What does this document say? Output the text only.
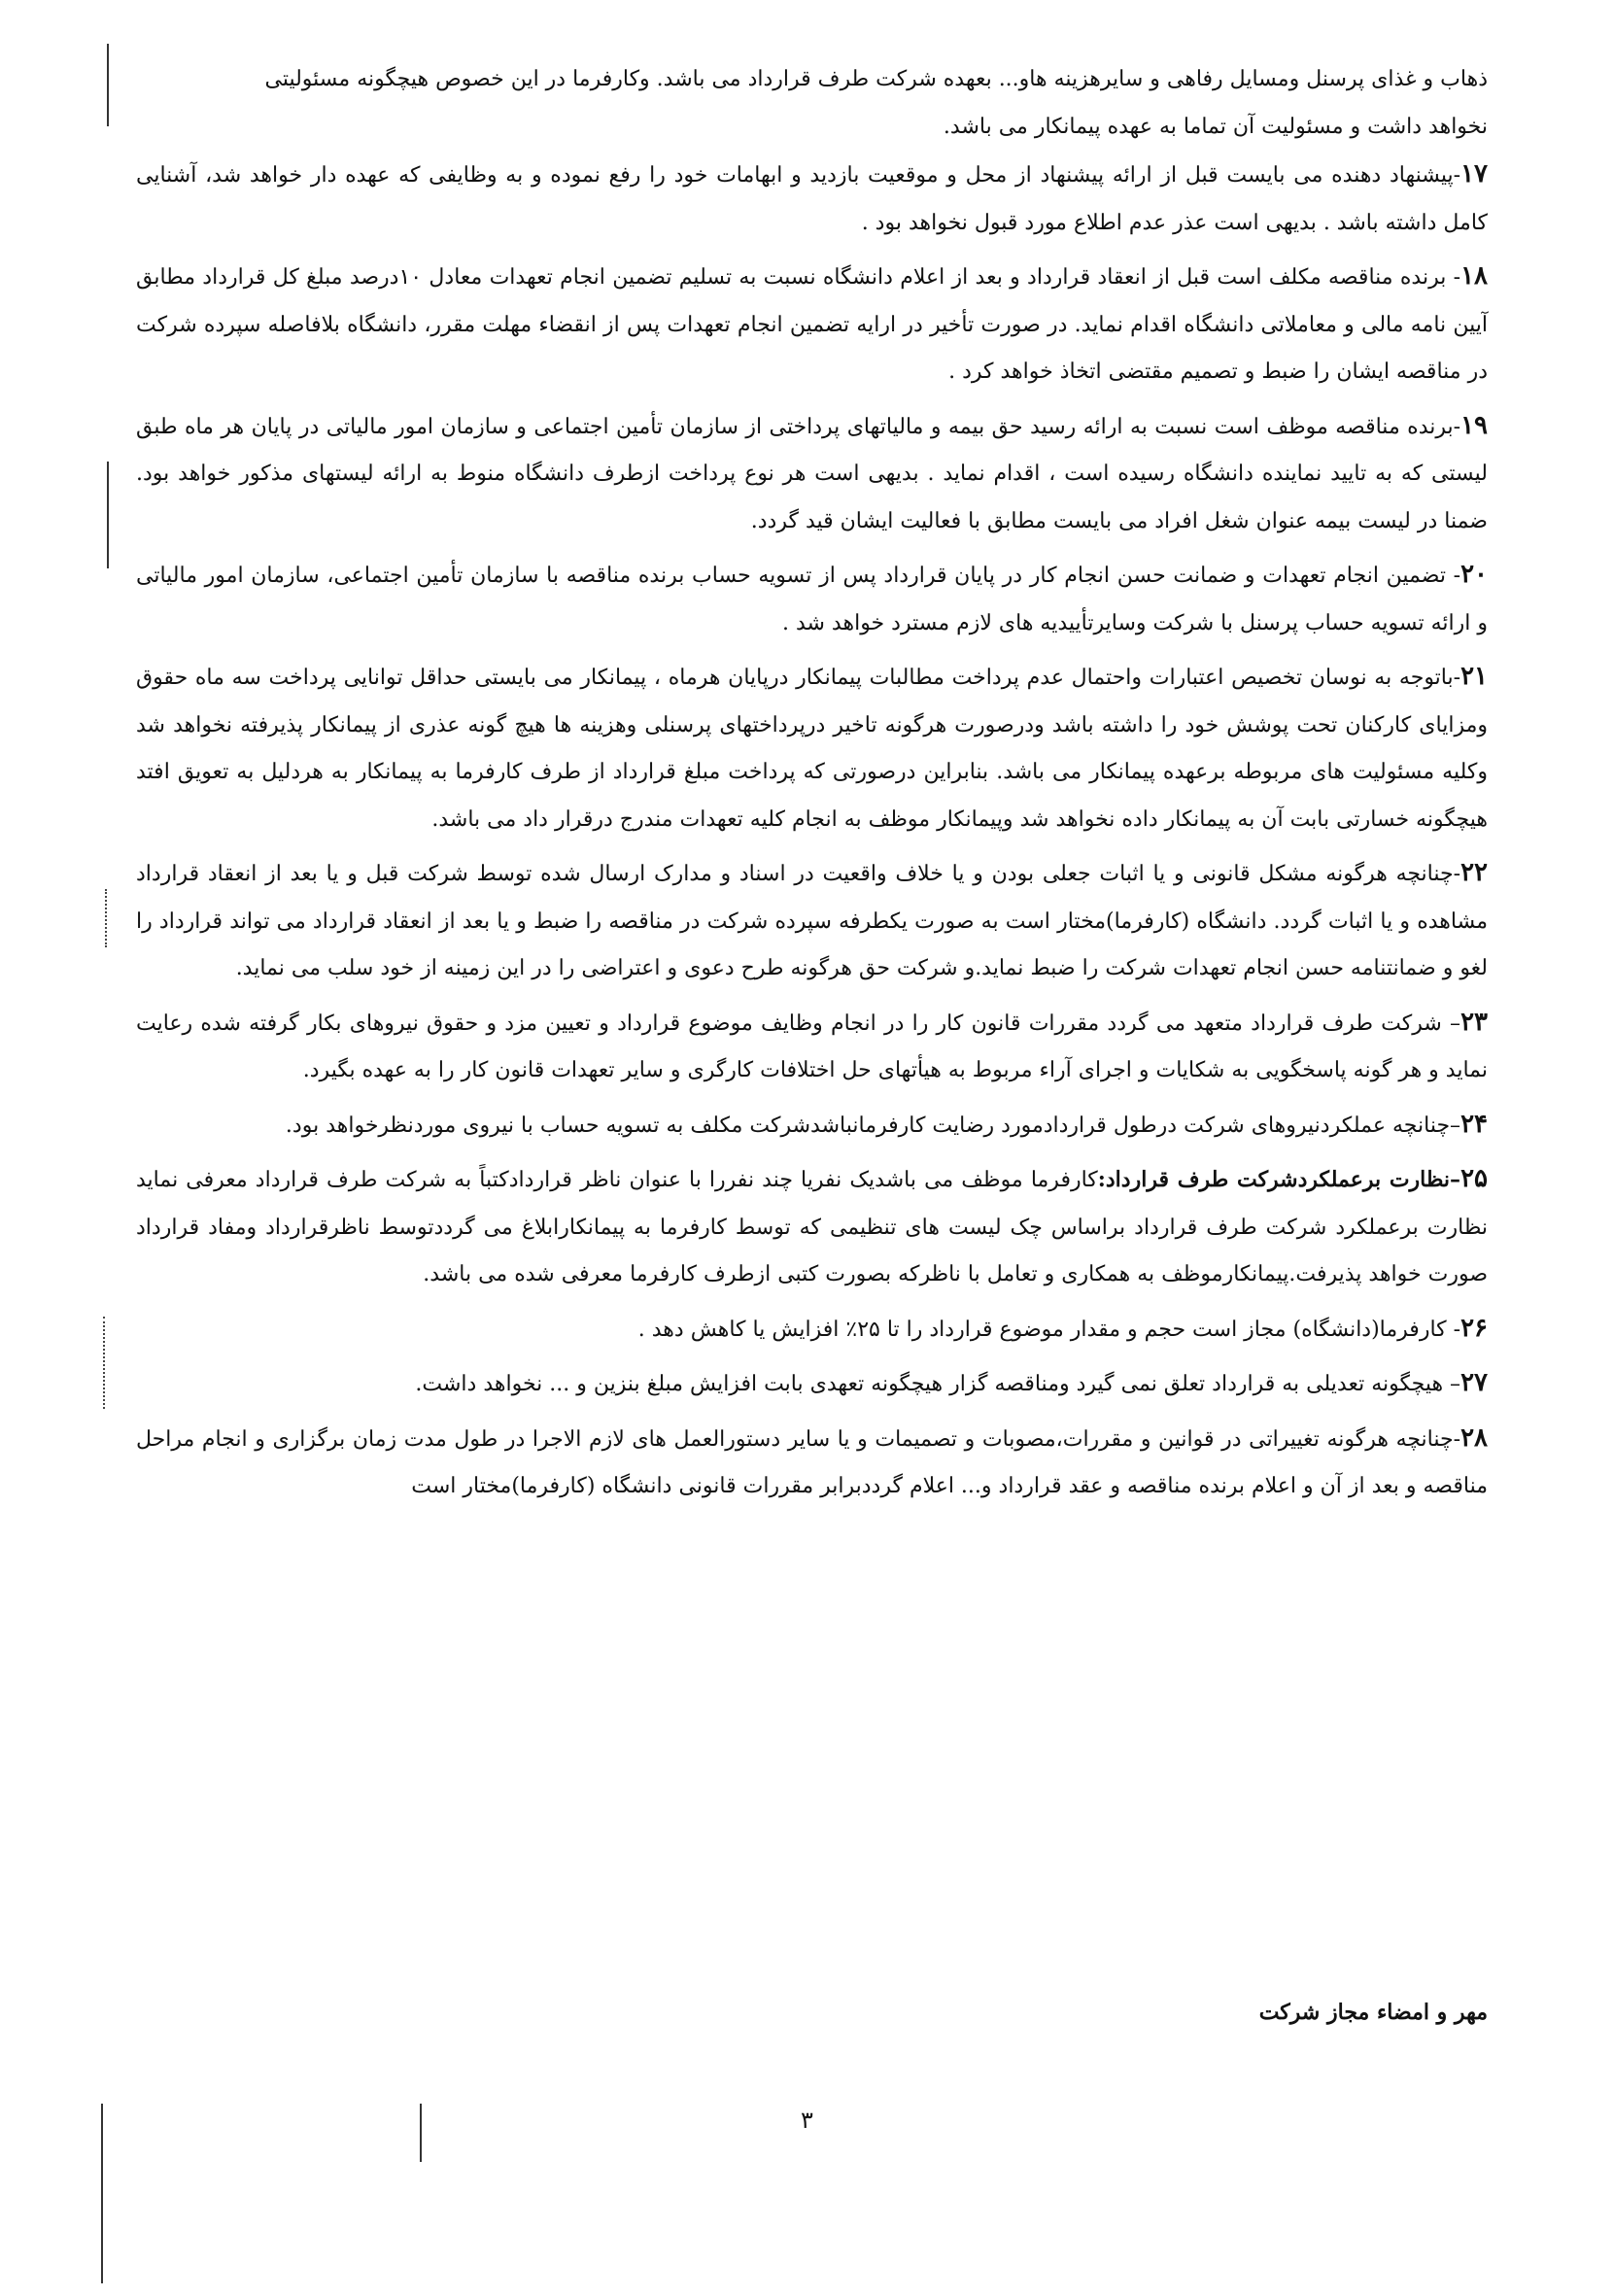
ذهاب و غذای پرسنل ومسایل رفاهی و سایرهزینه هاو... بعهده شرکت طرف قرارداد می باشد. وکارفرما در این خصوص هیچگونه مسئولیتی
نخواهد داشت و مسئولیت آن تماما به عهده پیمانکار می باشد.

۱۷-پیشنهاد دهنده می بایست قبل از ارائه پیشنهاد از محل و موقعیت بازدید و ابهامات خود را رفع نموده و به وظایفی که عهده دار خواهد شد، آشنایی کامل داشته باشد . بدیهی است عذر عدم اطلاع مورد قبول نخواهد بود .

۱۸- برنده مناقصه مکلف است قبل از انعقاد قرارداد و بعد از اعلام دانشگاه نسبت به تسلیم تضمین انجام تعهدات معادل ۱۰درصد مبلغ کل قرارداد مطابق آیین نامه مالی و معاملاتی دانشگاه اقدام نماید. در صورت تأخیر در ارایه تضمین انجام تعهدات پس از انقضاء مهلت مقرر، دانشگاه بلافاصله سپرده شرکت در مناقصه ایشان را ضبط و تصمیم مقتضی اتخاذ خواهد کرد .

۱۹-برنده مناقصه موظف است نسبت به ارائه رسید حق بیمه و مالیاتهای پرداختی از سازمان تأمین اجتماعی و سازمان امور مالیاتی در پایان هر ماه طبق لیستی که به تایید نماینده دانشگاه رسیده است ، اقدام نماید . بدیهی است هر نوع پرداخت ازطرف دانشگاه منوط به ارائه لیستهای مذکور خواهد بود. ضمنا در لیست بیمه عنوان شغل افراد می بایست مطابق با فعالیت ایشان قید گردد.

۲۰- تضمین انجام تعهدات و ضمانت حسن انجام کار در پایان قرارداد پس از تسویه حساب برنده مناقصه با سازمان تأمین اجتماعی، سازمان امور مالیاتی و ارائه تسویه حساب پرسنل با شرکت وسایرتأییدیه های لازم مسترد خواهد شد .

۲۱-باتوجه به نوسان تخصیص اعتبارات واحتمال عدم پرداخت مطالبات پیمانکار درپایان هرماه ، پیمانکار می بایستی حداقل توانایی پرداخت سه ماه حقوق ومزایای کارکنان تحت پوشش خود را داشته باشد ودرصورت هرگونه تاخیر درپرداختهای پرسنلی وهزینه ها هیچ گونه عذری از پیمانکار پذیرفته نخواهد شد وکلیه مسئولیت های مربوطه برعهده پیمانکار می باشد. بنابراین درصورتی که پرداخت مبلغ قرارداد از طرف کارفرما به پیمانکار به هردلیل به تعویق افتد هیچگونه خسارتی بابت آن به پیمانکار داده نخواهد شد وپیمانکار موظف به انجام کلیه تعهدات مندرج درقرار داد می باشد.

۲۲-چنانچه هرگونه مشکل قانونی و یا اثبات جعلی بودن و یا خلاف واقعیت در اسناد و مدارک ارسال شده توسط شرکت قبل و یا بعد از انعقاد قرارداد مشاهده و یا اثبات گردد. دانشگاه (کارفرما)مختار است به صورت یکطرفه سپرده شرکت در مناقصه را ضبط و یا بعد از انعقاد قرارداد می تواند قرارداد را لغو و ضمانتنامه حسن انجام تعهدات شرکت را ضبط نماید.و شرکت حق هرگونه طرح دعوی و اعتراضی را در این زمینه از خود سلب می نماید.

۲۳– شرکت طرف قرارداد متعهد می گردد مقررات قانون کار را در انجام وظایف موضوع قرارداد و تعیین مزد و حقوق نیروهای بکار گرفته شده رعایت نماید و هر گونه پاسخگویی به شکایات و اجرای آراء مربوط به هیأتهای حل اختلافات کارگری و سایر تعهدات قانون کار را به عهده بگیرد.

۲۴–چنانچه عملکردنیروهای شرکت درطول قراردادمورد رضایت کارفرمانباشدشرکت مکلف به تسویه حساب با نیروی موردنظرخواهد بود.

۲۵–نظارت برعملکردشرکت طرف قرارداد:کارفرما موظف می باشدیک نفریا چند نفررا با عنوان ناظر قراردادکتباً به شرکت طرف قرارداد معرفی نماید نظارت برعملکرد شرکت طرف قرارداد براساس چک لیست های تنظیمی که توسط کارفرما به پیمانکارابلاغ می گرددتوسط ناظرقرارداد ومفاد قرارداد صورت خواهد پذیرفت.پیمانکارموظف به همکاری و تعامل با ناظرکه بصورت کتبی ازطرف کارفرما معرفی شده می باشد.

۲۶- کارفرما(دانشگاه) مجاز است حجم و مقدار موضوع قرارداد را تا ۲۵٪ افزایش یا کاهش دهد .

۲۷– هیچگونه تعدیلی به قرارداد تعلق نمی گیرد ومناقصه گزار هیچگونه تعهدی بابت افزایش مبلغ بنزین و ... نخواهد داشت.

۲۸-چنانچه هرگونه تغییراتی در قوانین و مقررات،مصوبات و تصمیمات و یا سایر دستورالعمل های لازم الاجرا در طول مدت زمان برگزاری و انجام مراحل مناقصه و بعد از آن و اعلام برنده مناقصه و عقد قرارداد و... اعلام گرددبرابر مقررات قانونی دانشگاه (کارفرما)مختار است

مهر و امضاء مجاز شرکت
۳
